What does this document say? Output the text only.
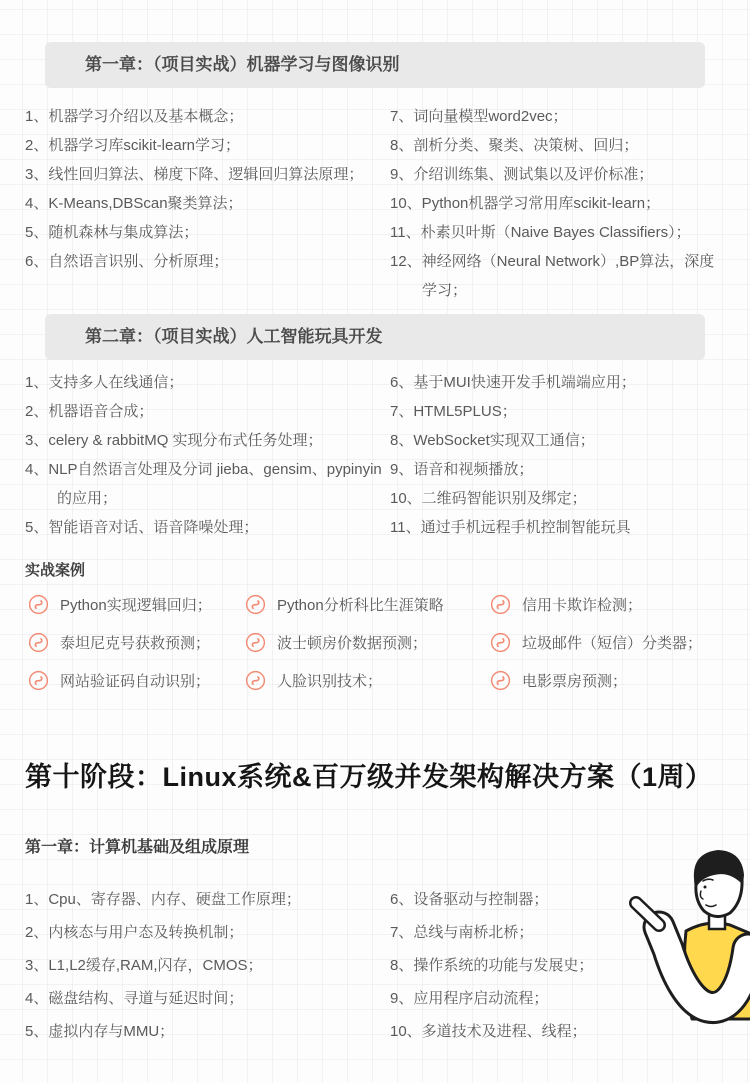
第一章：（项目实战）机器学习与图像识别
1、机器学习介绍以及基本概念；
2、机器学习库scikit-learn学习；
3、线性回归算法、梯度下降、逻辑回归算法原理；
4、K-Means,DBScan聚类算法；
5、随机森林与集成算法；
6、自然语言识别、分析原理；
7、词向量模型word2vec；
8、剖析分类、聚类、决策树、回归；
9、介绍训练集、测试集以及评价标准；
10、Python机器学习常用库scikit-learn；
11、朴素贝叶斯（Naive Bayes Classifiers）；
12、神经网络（Neural Network）,BP算法，深度学习；
第二章：（项目实战）人工智能玩具开发
1、支持多人在线通信；
2、机器语音合成；
3、celery & rabbitMQ 实现分布式任务处理；
4、NLP自然语言处理及分词 jieba、gensim、pypinyin的应用；
5、智能语音对话、语音降噪处理；
6、基于MUI快速开发手机端端应用；
7、HTML5PLUS；
8、WebSocket实现双工通信；
9、语音和视频播放；
10、二维码智能识别及绑定；
11、通过手机远程手机控制智能玩具
实战案例
Python实现逻辑回归；	Python分析科比生涯策略	信用卡欺诈检测；
泰坦尼克号获救预测；	波士顿房价数据预测；	垃圾邮件（短信）分类器；
网站验证码自动识别；	人脸识别技术；	电影票房预测；
第十阶段：Linux系统&百万级并发架构解决方案（1周）
第一章：计算机基础及组成原理
1、Cpu、寄存器、内存、硬盘工作原理；
2、内核态与用户态及转换机制；
3、L1,L2缓存,RAM,闪存，CMOS；
4、磁盘结构、寻道与延迟时间；
5、虚拟内存与MMU；
6、设备驱动与控制器；
7、总线与南桥北桥；
8、操作系统的功能与发展史；
9、应用程序启动流程；
10、多道技术及进程、线程；
